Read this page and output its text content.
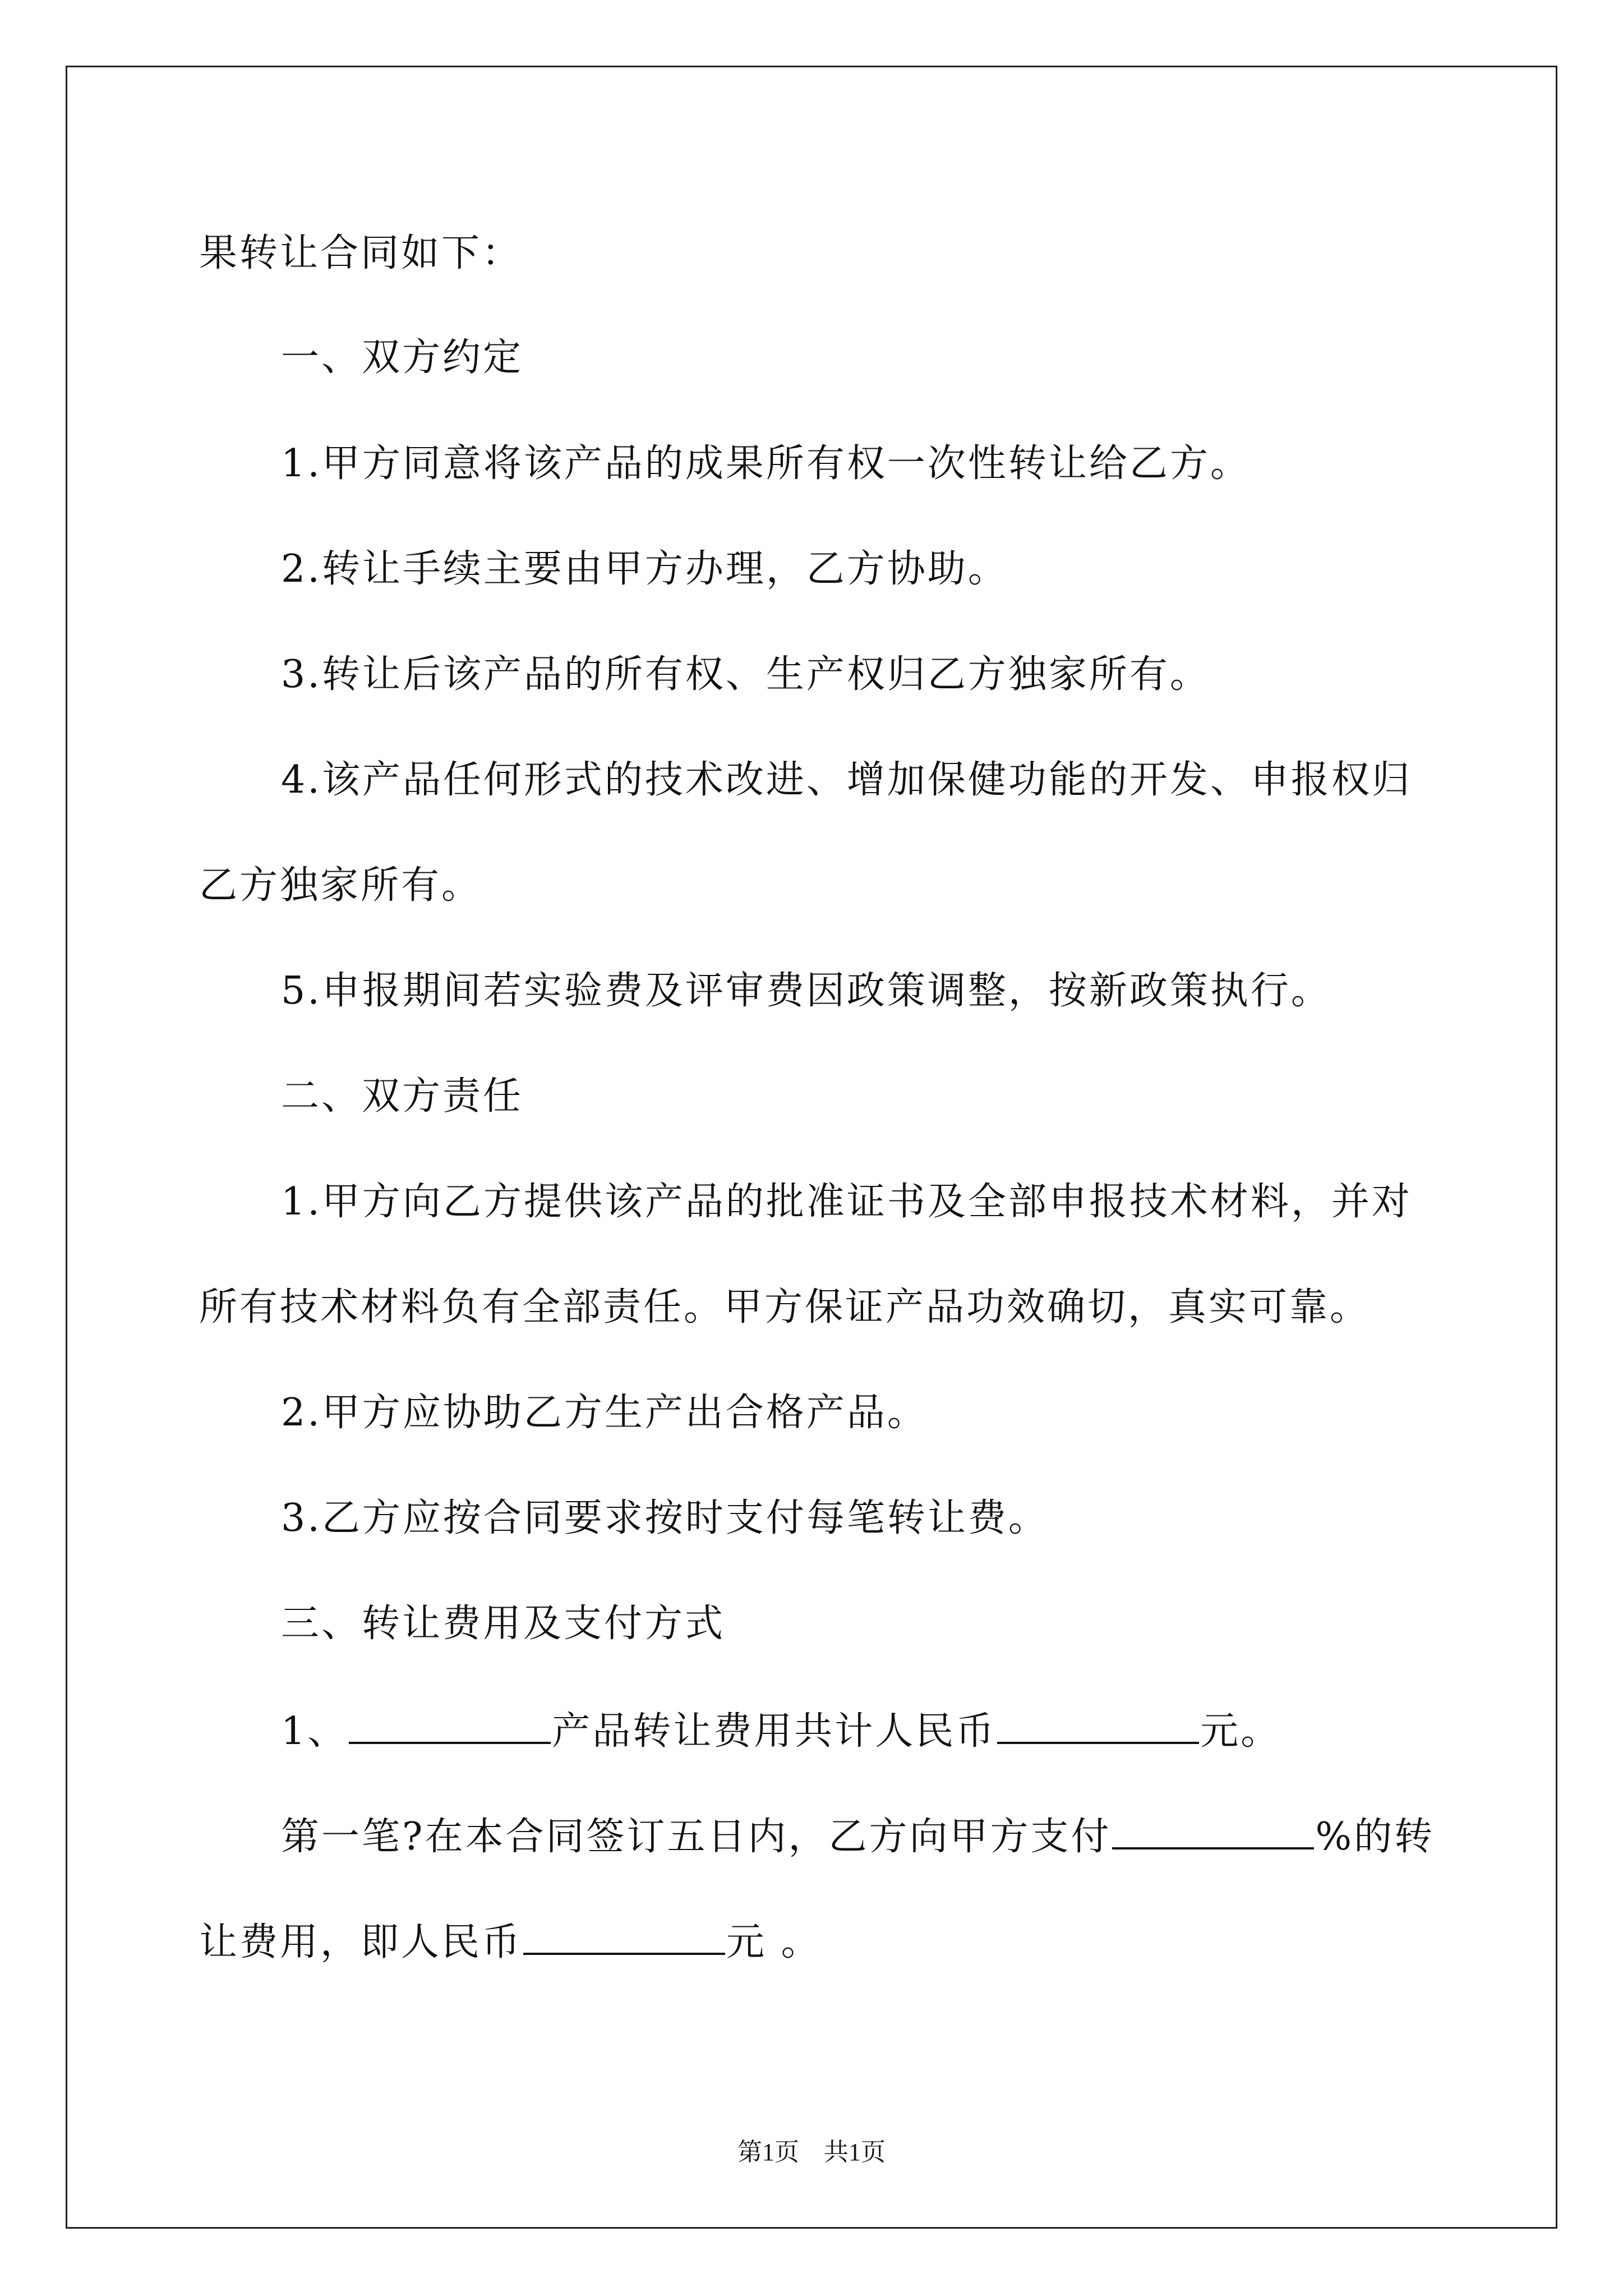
果转让合同如下：
一、双方约定
1.甲方同意将该产品的成果所有权一次性转让给乙方。
2.转让手续主要由甲方办理，乙方协助。
3.转让后该产品的所有权、生产权归乙方独家所有。
4.该产品任何形式的技术改进、增加保健功能的开发、申报权归
乙方独家所有。
5.申报期间若实验费及评审费因政策调整，按新政策执行。
二、双方责任
1.甲方向乙方提供该产品的批准证书及全部申报技术材料，并对
所有技术材料负有全部责任。甲方保证产品功效确切，真实可靠。
2.甲方应协助乙方生产出合格产品。
3.乙方应按合同要求按时支付每笔转让费。
三、转让费用及支付方式
1、	产品转让费用共计人民币	元。
第一笔?在本合同签订五日内，乙方向甲方支付	%的转
让费用，即人民币	元 。
第1页 共1页
